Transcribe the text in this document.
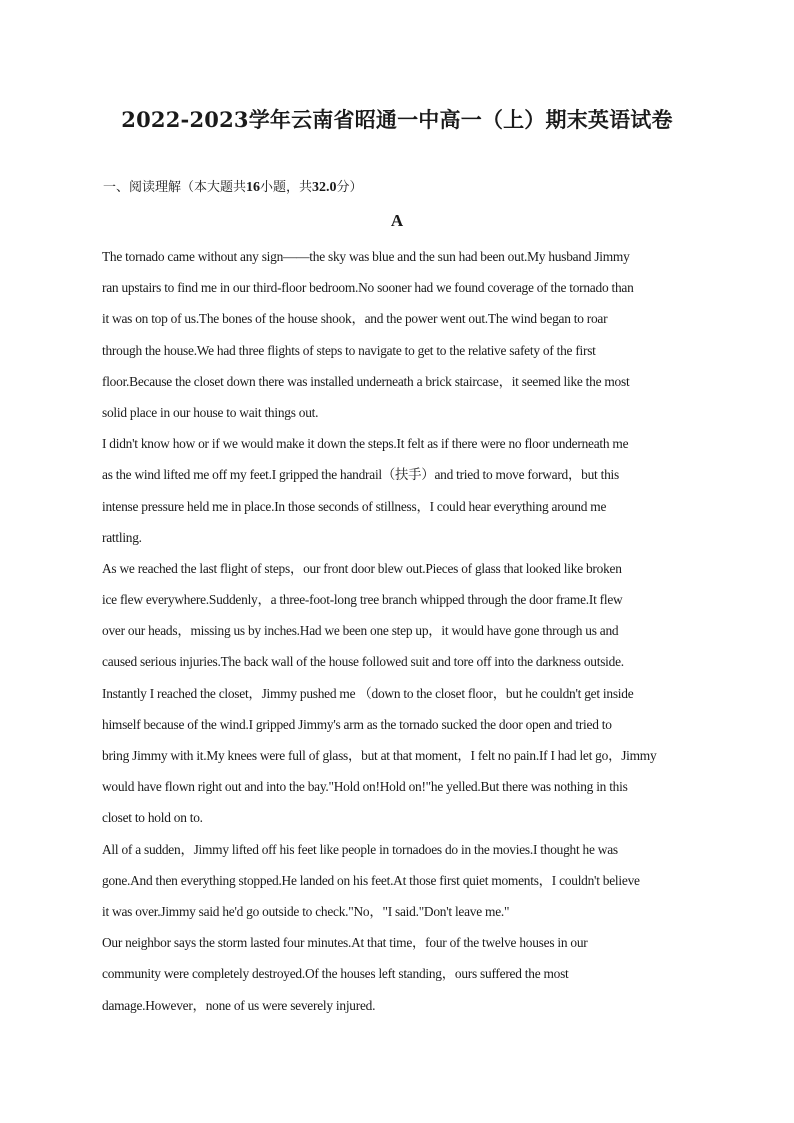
2022-2023学年云南省昭通一中高一（上）期末英语试卷
一、阅读理解（本大题共16小题，共32.0分）
A
The tornado came without any sign——the sky was blue and the sun had been out.My husband Jimmy
ran upstairs to find me in our third-floor bedroom.No sooner had we found coverage of the tornado than
it was on top of us.The bones of the house shook，and the power went out.The wind began to roar
through the house.We had three flights of steps to navigate to get to the relative safety of the first
floor.Because the closet down there was installed underneath a brick staircase，it seemed like the most
solid place in our house to wait things out.
I didn't know how or if we would make it down the steps.It felt as if there were no floor underneath me
as the wind lifted me off my feet.I gripped the handrail（扶手）and tried to move forward，but this
intense pressure held me in place.In those seconds of stillness，I could hear everything around me
rattling.
As we reached the last flight of steps，our front door blew out.Pieces of glass that looked like broken
ice flew everywhere.Suddenly，a three-foot-long tree branch whipped through the door frame.It flew
over our heads，missing us by inches.Had we been one step up，it would have gone through us and
caused serious injuries.The back wall of the house followed suit and tore off into the darkness outside.
Instantly I reached the closet，Jimmy pushed me （down to the closet floor，but he couldn't get inside
himself because of the wind.I gripped Jimmy's arm as the tornado sucked the door open and tried to
bring Jimmy with it.My knees were full of glass，but at that moment，I felt no pain.If I had let go，Jimmy
would have flown right out and into the bay."Hold on!Hold on!"he yelled.But there was nothing in this
closet to hold on to.
All of a sudden，Jimmy lifted off his feet like people in tornadoes do in the movies.I thought he was
gone.And then everything stopped.He landed on his feet.At those first quiet moments，I couldn't believe
it was over.Jimmy said he'd go outside to check."No，"I said."Don't leave me."
Our neighbor says the storm lasted four minutes.At that time，four of the twelve houses in our
community were completely destroyed.Of the houses left standing，ours suffered the most
damage.However，none of us were severely injured.
